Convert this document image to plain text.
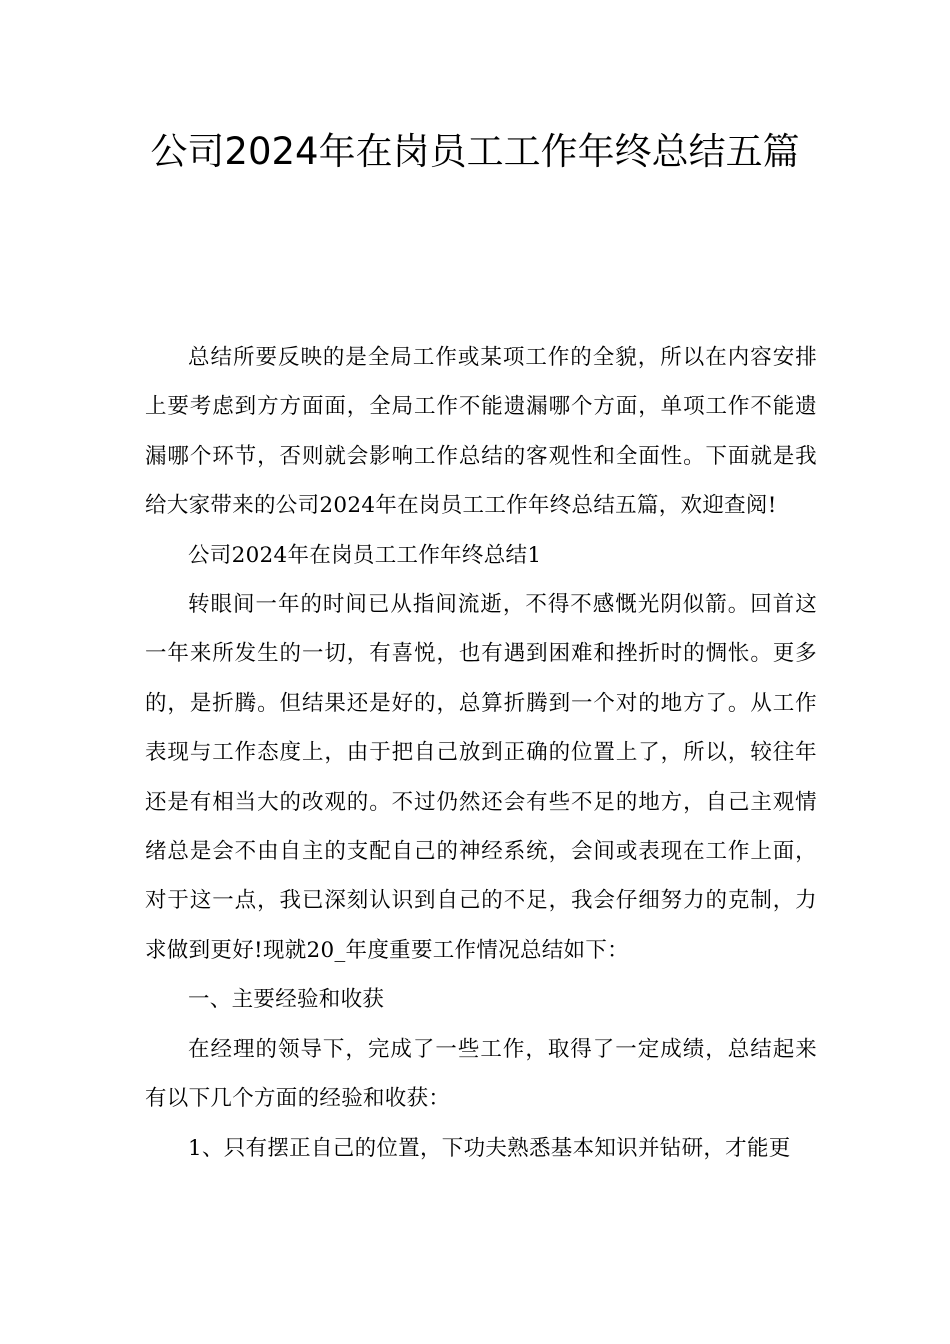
公司2024年在岗员工工作年终总结五篇

总结所要反映的是全局工作或某项工作的全貌，所以在内容安排上要考虑到方方面面，全局工作不能遗漏哪个方面，单项工作不能遗漏哪个环节，否则就会影响工作总结的客观性和全面性。下面就是我给大家带来的公司2024年在岗员工工作年终总结五篇，欢迎查阅!

公司2024年在岗员工工作年终总结1

转眼间一年的时间已从指间流逝，不得不感慨光阴似箭。回首这一年来所发生的一切，有喜悦，也有遇到困难和挫折时的惆怅。更多的，是折腾。但结果还是好的，总算折腾到一个对的地方了。从工作表现与工作态度上，由于把自己放到正确的位置上了，所以，较往年还是有相当大的改观的。不过仍然还会有些不足的地方，自己主观情绪总是会不由自主的支配自己的神经系统，会间或表现在工作上面，对于这一点，我已深刻认识到自己的不足，我会仔细努力的克制，力求做到更好!现就20_年度重要工作情况总结如下：

一、主要经验和收获

在经理的领导下，完成了一些工作，取得了一定成绩，总结起来有以下几个方面的经验和收获：

1、只有摆正自己的位置，下功夫熟悉基本知识并钻研，才能更
